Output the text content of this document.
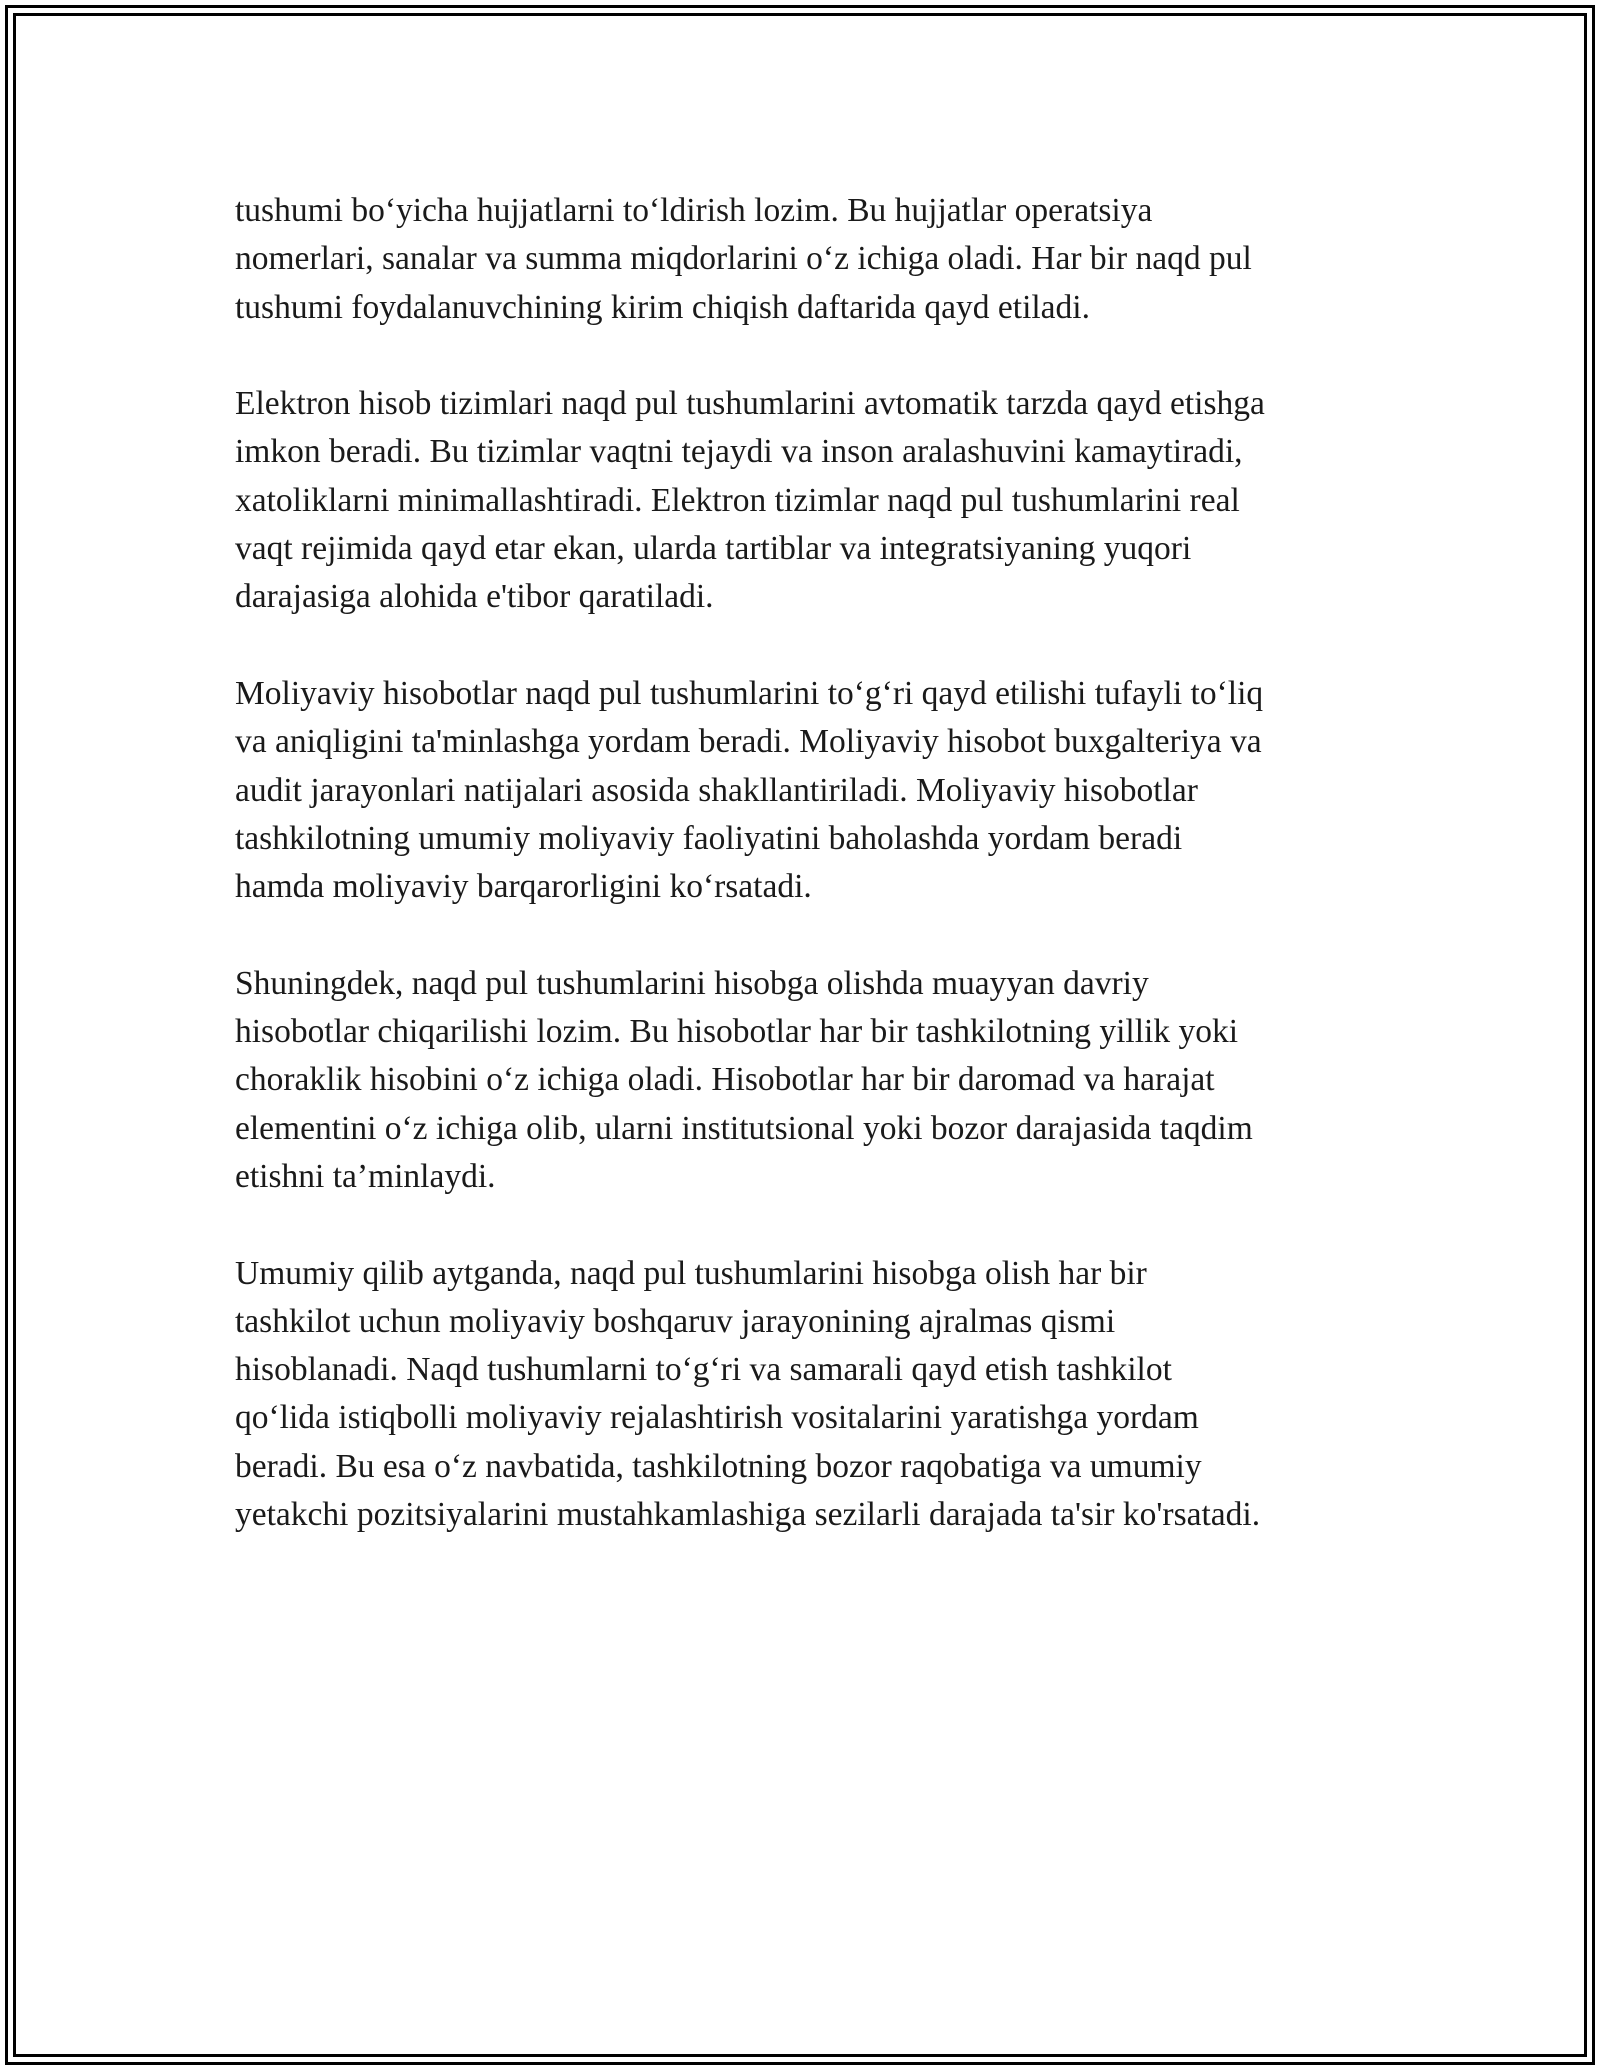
tushumi bo‘yicha hujjatlarni to‘ldirish lozim. Bu hujjatlar operatsiya
nomerlari, sanalar va summa miqdorlarini o‘z ichiga oladi. Har bir naqd pul
tushumi foydalanuvchining kirim chiqish daftarida qayd etiladi.

Elektron hisob tizimlari naqd pul tushumlarini avtomatik tarzda qayd etishga
imkon beradi. Bu tizimlar vaqtni tejaydi va inson aralashuvini kamaytiradi,
xatoliklarni minimallashtiradi. Elektron tizimlar naqd pul tushumlarini real
vaqt rejimida qayd etar ekan, ularda tartiblar va integratsiyaning yuqori
darajasiga alohida e'tibor qaratiladi.

Moliyaviy hisobotlar naqd pul tushumlarini to‘g‘ri qayd etilishi tufayli to‘liq
va aniqligini ta'minlashga yordam beradi. Moliyaviy hisobot buxgalteriya va
audit jarayonlari natijalari asosida shakllantiriladi. Moliyaviy hisobotlar
tashkilotning umumiy moliyaviy faoliyatini baholashda yordam beradi
hamda moliyaviy barqarorligini ko‘rsatadi.

Shuningdek, naqd pul tushumlarini hisobga olishda muayyan davriy
hisobotlar chiqarilishi lozim. Bu hisobotlar har bir tashkilotning yillik yoki
choraklik hisobini o‘z ichiga oladi. Hisobotlar har bir daromad va harajat
elementini o‘z ichiga olib, ularni institutsional yoki bozor darajasida taqdim
etishni ta’minlaydi.

Umumiy qilib aytganda, naqd pul tushumlarini hisobga olish har bir
tashkilot uchun moliyaviy boshqaruv jarayonining ajralmas qismi
hisoblanadi. Naqd tushumlarni to‘g‘ri va samarali qayd etish tashkilot
qo‘lida istiqbolli moliyaviy rejalashtirish vositalarini yaratishga yordam
beradi. Bu esa o‘z navbatida, tashkilotning bozor raqobatiga va umumiy
yetakchi pozitsiyalarini mustahkamlashiga sezilarli darajada ta'sir ko'rsatadi.
